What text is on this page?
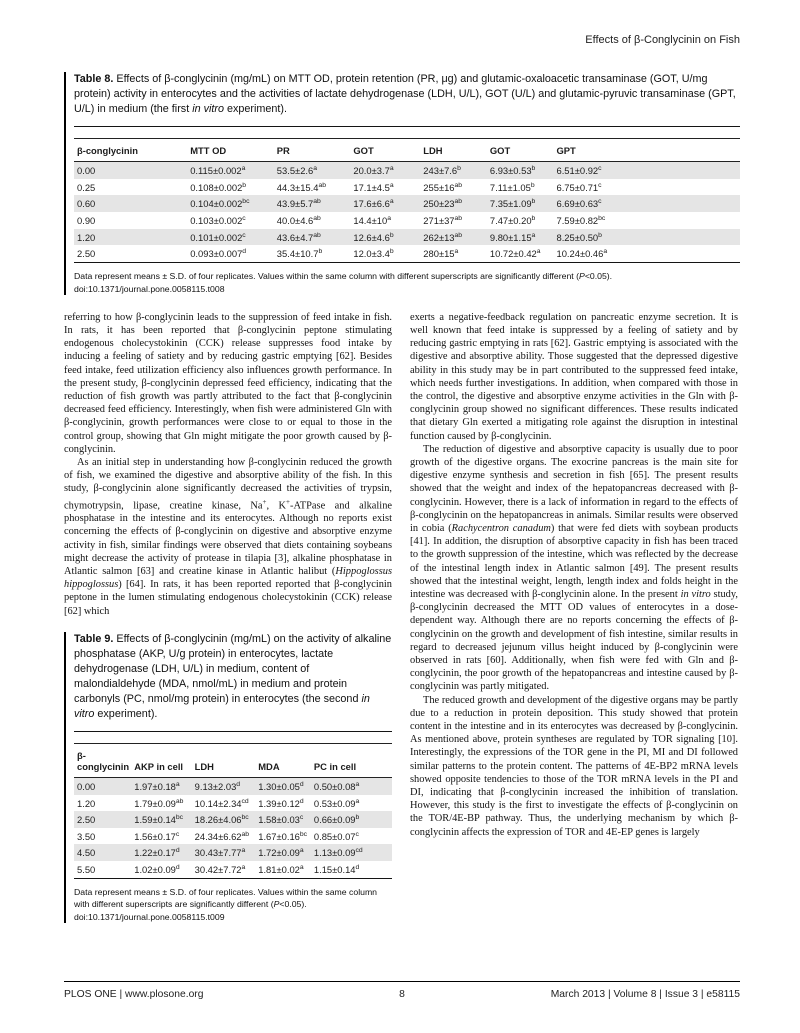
Effects of β-Conglycinin on Fish
Table 8. Effects of β-conglycinin (mg/mL) on MTT OD, protein retention (PR, μg) and glutamic-oxaloacetic transaminase (GOT, U/mg protein) activity in enterocytes and the activities of lactate dehydrogenase (LDH, U/L), GOT (U/L) and glutamic-pyruvic transaminase (GPT, U/L) in medium (the first in vitro experiment).
β-conglycinin	MTT OD	PR	GOT	LDH	GOT	GPT
0.00	0.115±0.002$^a$	53.5±2.6$^a$	20.0±3.7$^a$	243±7.6$^b$	6.93±0.53$^b$	6.51±0.92$^c$
0.25	0.108±0.002$^b$	44.3±15.4$^{ab}$	17.1±4.5$^a$	$255\pm 16^{ab}$	7.11±1.05$^b$	6.75±0.71$^c$
0.60	0.104±0.002$^{bc}$	43.9±5.7$^{ab}$	17.6±6.6$^a$	$250\pm 23^{ab}$	7.35±1.09$^b$	6.69±0.63$^c$
0.90	0.103±0.002$^c$	40.0±4.6$^{ab}$	$14.4\pm 10^a$	$271\pm 37^{ab}$	7.47±0.20$^b$	7.59±0.82$^{bc}$
1.20	0.101±0.002$^c$	43.6±4.7$^{ab}$	12.6±4.6$^b$	$262\pm 13^{ab}$	9.80±1.15$^a$	8.25±0.50$^b$
2.50	0.093±0.007$^d$	35.4±10.7$^b$	12.0±3.4$^b$	$280\pm 15^a$	10.72±0.42$^a$	10.24±0.46$^a$
Data represent means ± S.D. of four replicates. Values within the same column with different superscripts are significantly different (P<0.05).
doi:10.1371/journal.pone.0058115.t008

referring to how β-conglycinin leads to the suppression of feed intake in fish. In rats, it has been reported that β-conglycinin peptone stimulating endogenous cholecystokinin (CCK) release suppresses food intake by inducing a feeling of satiety and by reducing gastric emptying [62]. Besides feed intake, feed utilization efficiency also influences growth performance. In the present study, β-conglycinin depressed feed efficiency, indicating that the reduction of fish growth was partly attributed to the fact that β-conglycinin decreased feed efficiency. Interestingly, when fish were administered Gln with β-conglycinin, growth performances were close to or equal to those in the control group, showing that Gln might mitigate the poor growth caused by β-conglycinin.

As an initial step in understanding how β-conglycinin reduced the growth of fish, we examined the digestive and absorptive ability of the fish. In this study, β-conglycinin alone significantly decreased the activities of trypsin, chymotrypsin, lipase, creatine kinase, Na+, K+-ATPase and alkaline phosphatase in the intestine and its enterocytes. Although no reports exist concerning the effects of β-conglycinin on digestive and absorptive enzyme activity in fish, similar findings were observed that diets containing soybeans might decrease the activity of protease in tilapia [3], alkaline phosphatase in Atlantic salmon [63] and creatine kinase in Atlantic halibut (Hippoglossus hippoglossus) [64]. In rats, it has been reported reported that β-conglycinin peptone in the lumen stimulating endogenous cholecystokinin (CCK) release [62] which

Table 9. Effects of β-conglycinin (mg/mL) on the activity of alkaline phosphatase (AKP, U/g protein) in enterocytes, lactate dehydrogenase (LDH, U/L) in medium, content of malondialdehyde (MDA, nmol/mL) in medium and protein carbonyls (PC, nmol/mg protein) in enterocytes (the second in vitro experiment).
β-conglycinin	AKP in cell	LDH	MDA	PC in cell
0.00	1.97±0.18$^a$	9.13±2.03$^d$	1.30±0.05$^d$	0.50±0.08$^a$
1.20	1.79±0.09$^{ab}$	10.14±2.34$^{cd}$	1.39±0.12$^d$	0.53±0.09$^a$
2.50	1.59±0.14$^{bc}$	18.26±4.06$^{bc}$	1.58±0.03$^c$	0.66±0.09$^b$
3.50	1.56±0.17$^c$	24.34±6.62$^{ab}$	1.67±0.16$^{bc}$	0.85±0.07$^c$
4.50	1.22±0.17$^d$	30.43±7.77$^a$	1.72±0.09$^a$	1.13±0.09$^{cd}$
5.50	1.02±0.09$^d$	30.42±7.72$^a$	1.81±0.02$^a$	1.15±0.14$^d$
Data represent means ± S.D. of four replicates. Values within the same column with different superscripts are significantly different (P<0.05).
doi:10.1371/journal.pone.0058115.t009

exerts a negative-feedback regulation on pancreatic enzyme secretion. It is well known that feed intake is suppressed by a feeling of satiety and by reducing gastric emptying in rats [62]. Gastric emptying is associated with the digestive and absorptive ability. Those suggested that the depressed digestive ability in this study may be in part contributed to the suppressed feed intake, which needs further investigations. In addition, when compared with those in the control, the digestive and absorptive enzyme activities in the Gln with β-conglycinin group showed no significant differences. These results indicated that dietary Gln exerted a mitigating role against the disruption in intestinal function caused by β-conglycinin.

The reduction of digestive and absorptive capacity is usually due to poor growth of the digestive organs. The exocrine pancreas is the main site for digestive enzyme synthesis and secretion in fish [65]. The present results showed that the weight and index of the hepatopancreas decreased with β-conglycinin. However, there is a lack of information in regard to the effects of β-conglycinin on the hepatopancreas in animals. Similar results were observed in cobia (Rachycentron canadum) that were fed diets with soybean products [41]. In addition, the disruption of absorptive capacity in fish has been traced to the growth suppression of the intestine, which was reflected by the decrease of the intestinal length index in Atlantic salmon [49]. The present results showed that the intestinal weight, length, length index and folds height in the intestine was decreased with β-conglycinin alone. In the present in vitro study, β-conglycinin decreased the MTT OD values of enterocytes in a dose-dependent way. Although there are no reports concerning the effects of β-conglycinin on the growth and development of fish intestine, similar results in regard to decreased jejunum villus height induced by β-conglycinin were observed in rats [60]. Additionally, when fish were fed with Gln and β-conglycinin, the poor growth of the hepatopancreas and intestine caused by β-conglycinin was partly mitigated.

The reduced growth and development of the digestive organs may be partly due to a reduction in protein deposition. This study showed that protein content in the intestine and in its enterocytes was decreased by β-conglycinin. As mentioned above, protein syntheses are regulated by TOR signaling [10]. Interestingly, the expressions of the TOR gene in the PI, MI and DI followed similar patterns to the protein content. The patterns of 4E-BP2 mRNA levels showed opposite tendencies to those of the TOR mRNA levels in the PI and DI, indicating that β-conglycinin increased the inhibition of translation. However, this study is the first to investigate the effects of β-conglycinin on the TOR/4E-BP pathway. Thus, the underlying mechanism by which β-conglycinin affects the expression of TOR and 4E-EP genes is largely

PLOS ONE | www.plosone.org	8	March 2013 | Volume 8 | Issue 3 | e58115
